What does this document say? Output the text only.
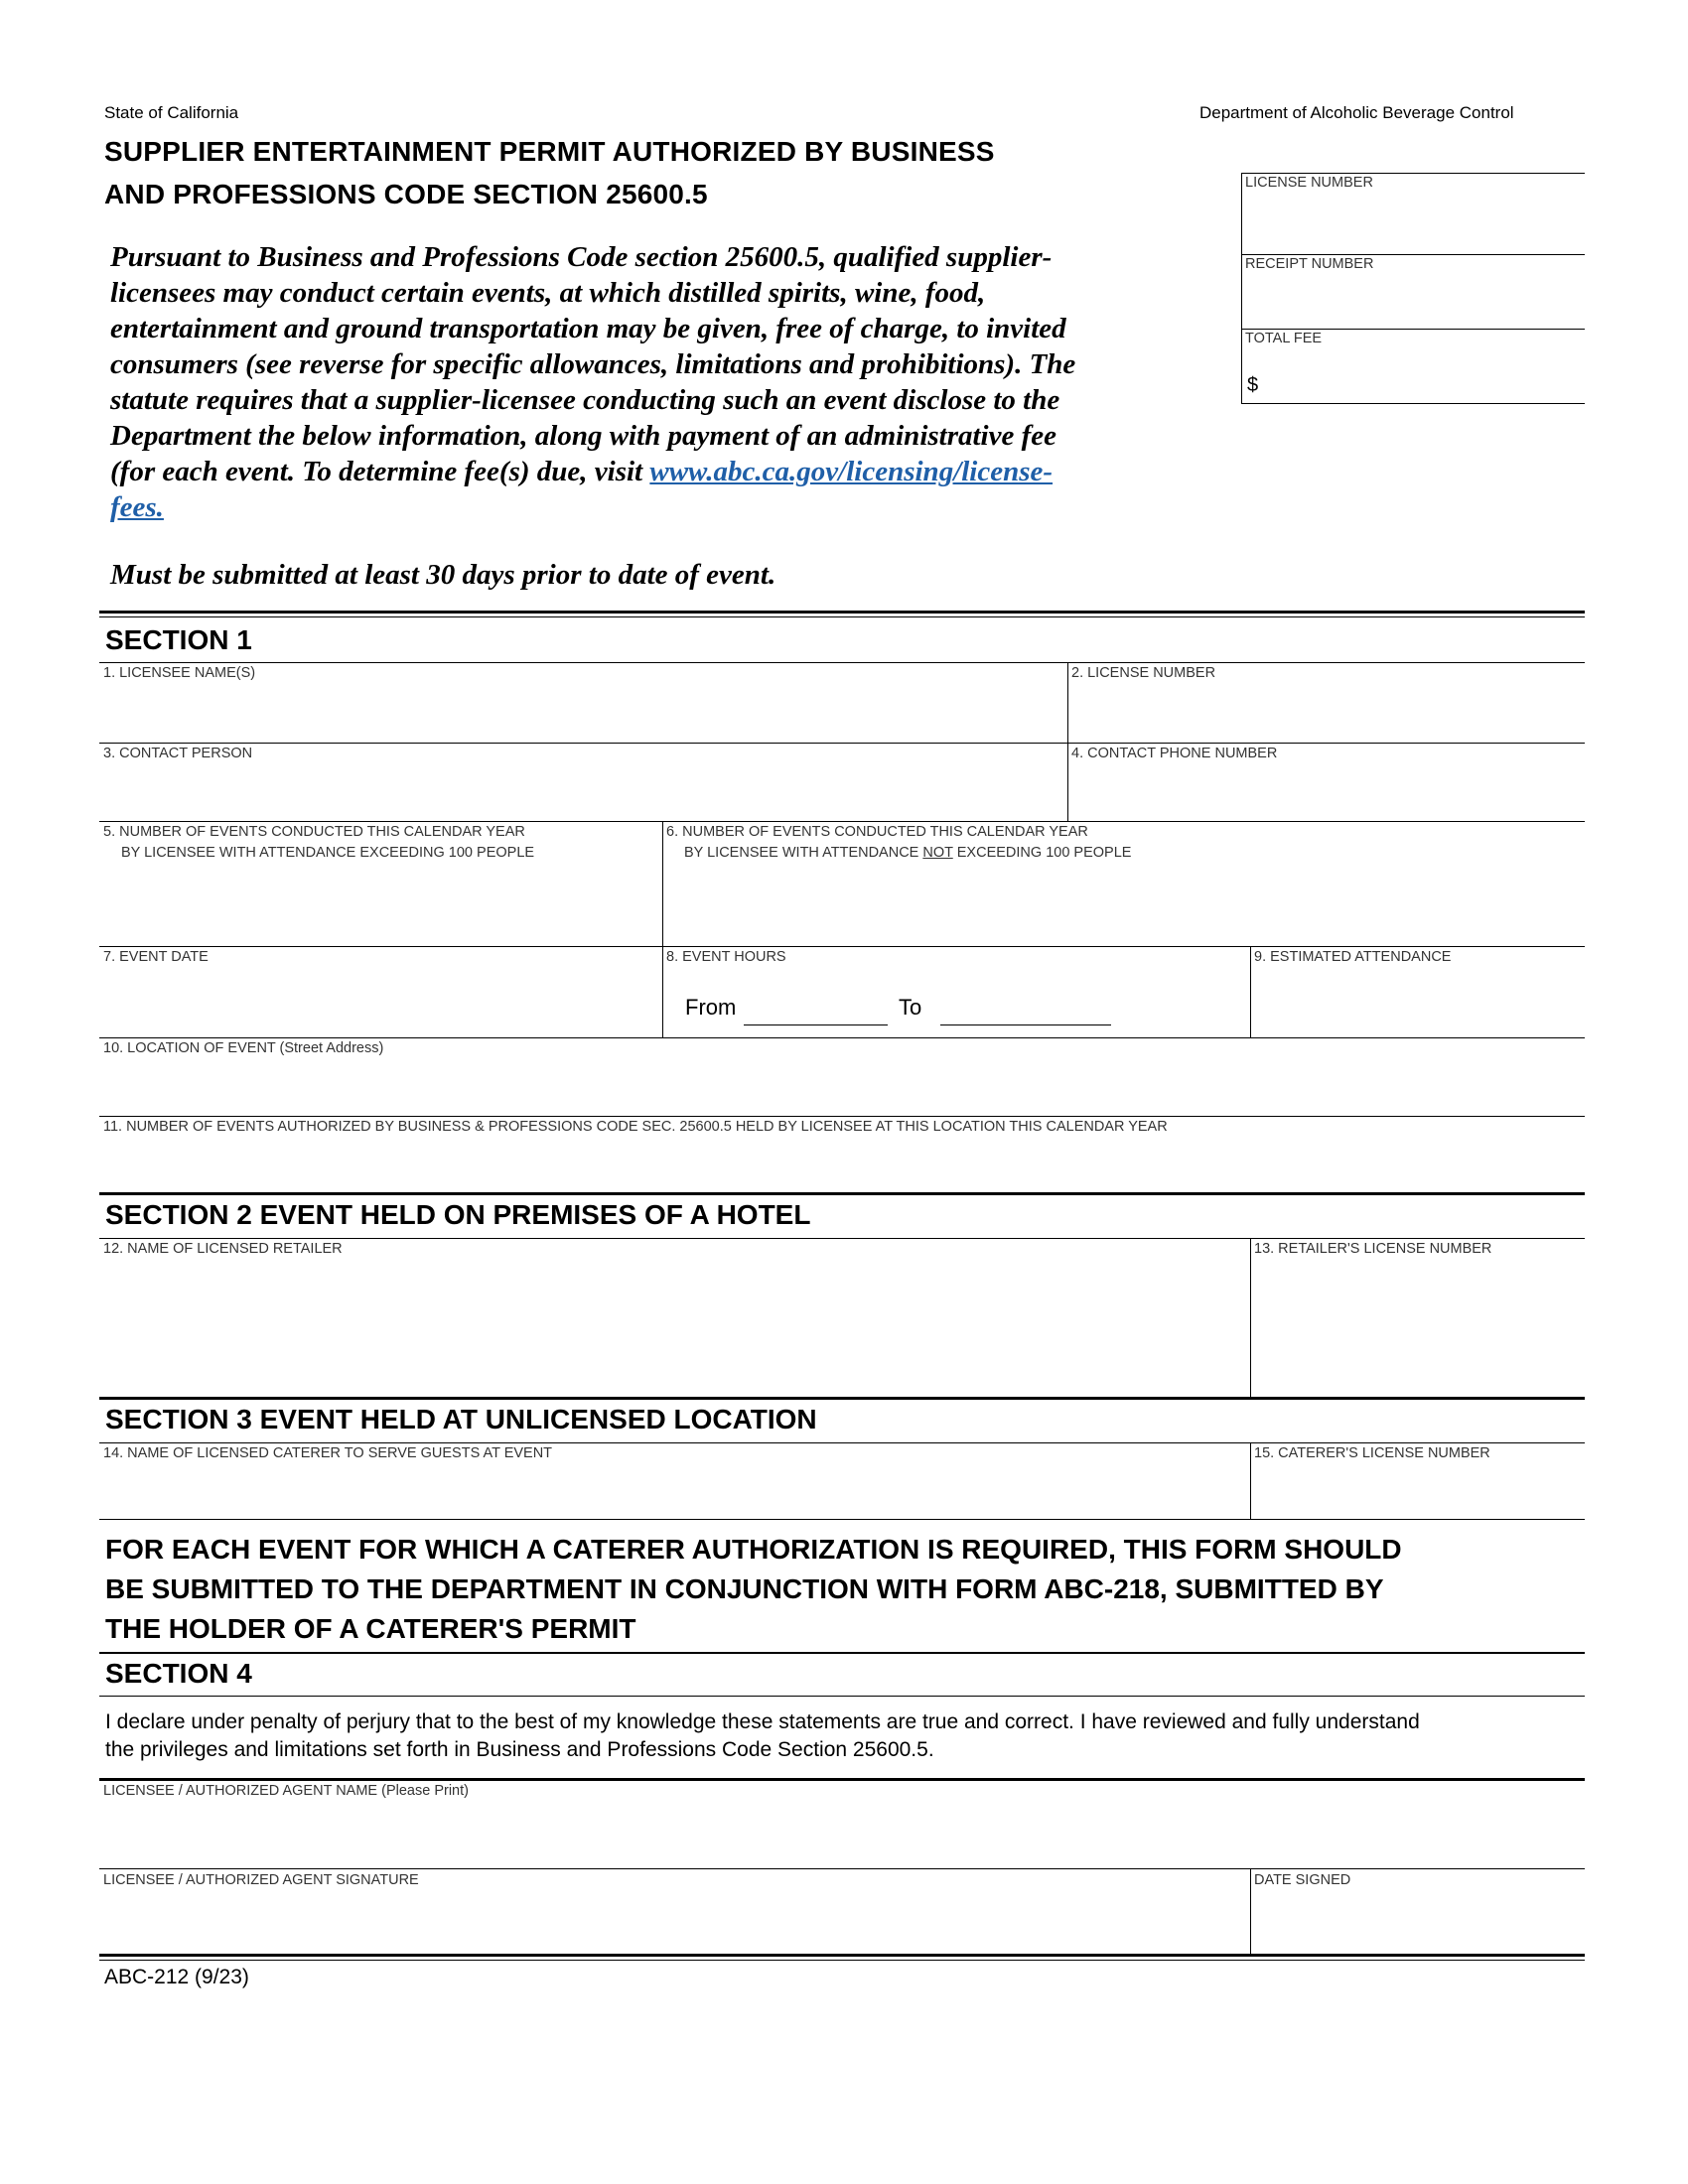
State of California	Department of Alcoholic Beverage Control
SUPPLIER ENTERTAINMENT PERMIT AUTHORIZED BY BUSINESS
AND PROFESSIONS CODE SECTION 25600.5	LICENSE NUMBER
RECEIPT NUMBER
TOTAL FEE
$
Pursuant to Business and Professions Code section 25600.5, qualified supplier-
licensees may conduct certain events, at which distilled spirits, wine, food,
entertainment and ground transportation may be given, free of charge, to invited
consumers (see reverse for specific allowances, limitations and prohibitions). The
statute requires that a supplier-licensee conducting such an event disclose to the
Department the below information, along with payment of an administrative fee
(for each event. To determine fee(s) due, visit www.abc.ca.gov/licensing/license-
fees.
Must be submitted at least 30 days prior to date of event.
SECTION 1
1. LICENSEE NAME(S)	2. LICENSE NUMBER
3. CONTACT PERSON	4. CONTACT PHONE NUMBER
5. NUMBER OF EVENTS CONDUCTED THIS CALENDAR YEAR
BY LICENSEE WITH ATTENDANCE EXCEEDING 100 PEOPLE
6. NUMBER OF EVENTS CONDUCTED THIS CALENDAR YEAR
BY LICENSEE WITH ATTENDANCE NOT EXCEEDING 100 PEOPLE
7. EVENT DATE	8. EVENT HOURS
From	To
9. ESTIMATED ATTENDANCE
10. LOCATION OF EVENT (Street Address)
11. NUMBER OF EVENTS AUTHORIZED BY BUSINESS & PROFESSIONS CODE SEC. 25600.5 HELD BY LICENSEE AT THIS LOCATION THIS CALENDAR YEAR
SECTION 2 EVENT HELD ON PREMISES OF A HOTEL
12. NAME OF LICENSED RETAILER	13. RETAILER'S LICENSE NUMBER
SECTION 3 EVENT HELD AT UNLICENSED LOCATION
14. NAME OF LICENSED CATERER TO SERVE GUESTS AT EVENT	15. CATERER'S LICENSE NUMBER
FOR EACH EVENT FOR WHICH A CATERER AUTHORIZATION IS REQUIRED, THIS FORM SHOULD
BE SUBMITTED TO THE DEPARTMENT IN CONJUNCTION WITH FORM ABC-218, SUBMITTED BY
THE HOLDER OF A CATERER'S PERMIT
SECTION 4
I declare under penalty of perjury that to the best of my knowledge these statements are true and correct. I have reviewed and fully understand
the privileges and limitations set forth in Business and Professions Code Section 25600.5.
LICENSEE / AUTHORIZED AGENT NAME (Please Print)
LICENSEE / AUTHORIZED AGENT SIGNATURE	DATE SIGNED
ABC-212 (9/23)
